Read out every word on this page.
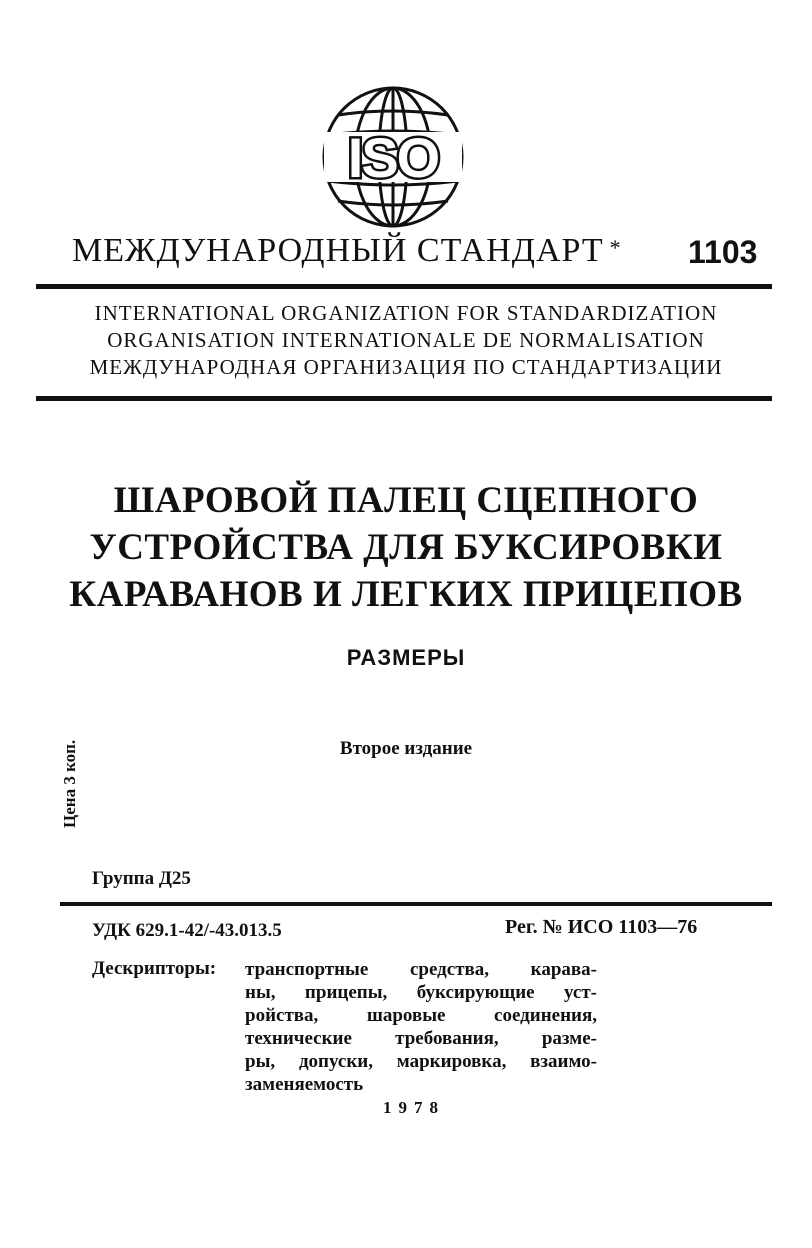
ISO
МЕЖДУНАРОДНЫЙ СТАНДАРТ * 1103
INTERNATIONAL ORGANIZATION FOR STANDARDIZATION
ORGANISATION INTERNATIONALE DE NORMALISATION
МЕЖДУНАРОДНАЯ ОРГАНИЗАЦИЯ ПО СТАНДАРТИЗАЦИИ
ШАРОВОЙ ПАЛЕЦ СЦЕПНОГО
УСТРОЙСТВА ДЛЯ БУКСИРОВКИ
КАРАВАНОВ И ЛЕГКИХ ПРИЦЕПОВ
РАЗМЕРЫ
Второе издание
Цена 3 коп.
Группа Д25
УДК 629.1-42/-43.013.5	Рег. № ИСО 1103—76
Дескрипторы: транспортные средства, карава-
ны, прицепы, буксирующие уст-
ройства, шаровые соединения,
технические требования, разме-
ры, допуски, маркировка, взаимо-
заменяемость
1978
